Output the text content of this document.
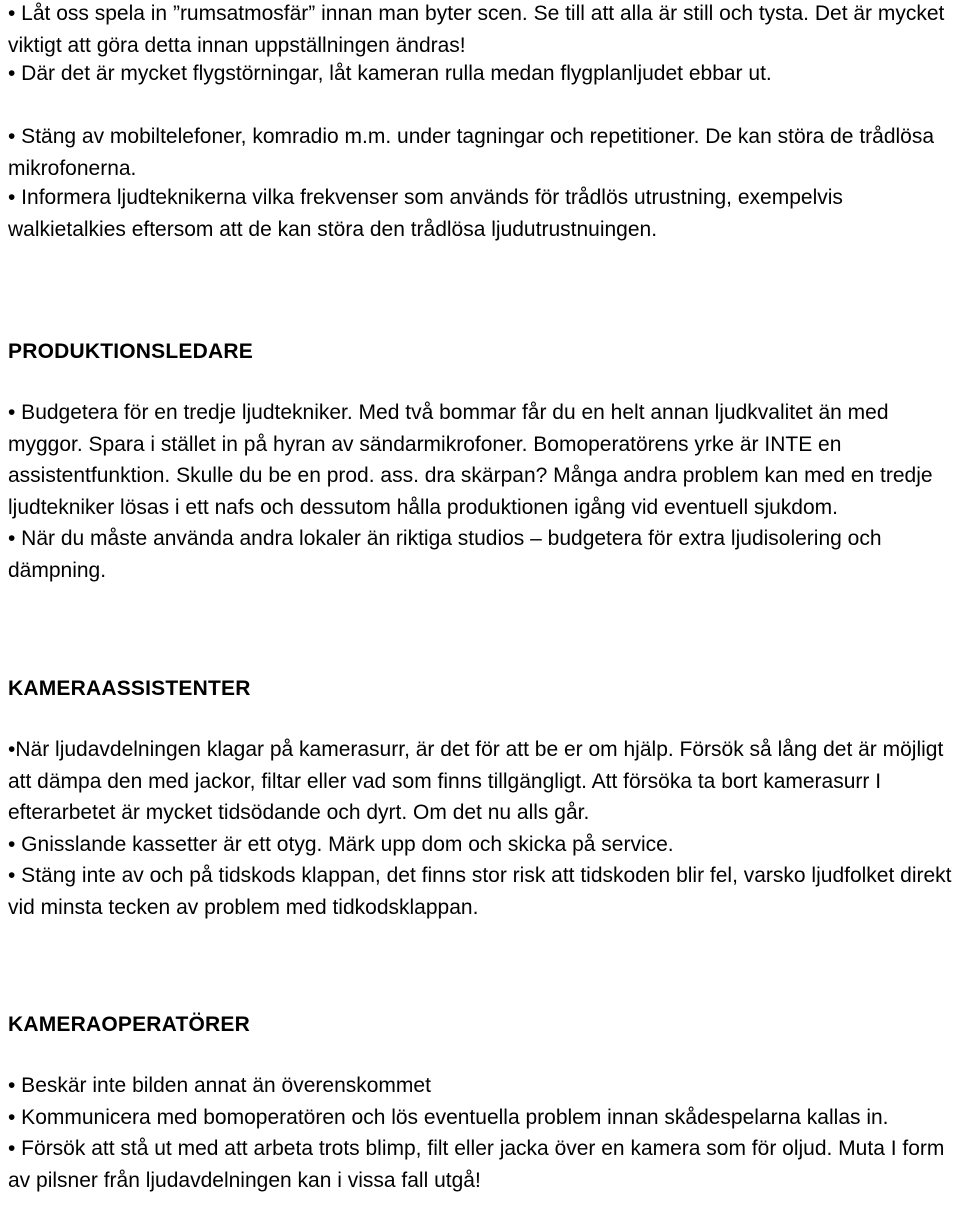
• Låt oss spela in ”rumsatmosfär” innan man byter scen. Se till att alla är still och tysta. Det är mycket viktigt att göra detta innan uppställningen ändras!

• Där det är mycket flygstörningar, låt kameran rulla medan flygplanljudet ebbar ut.

• Stäng av mobiltelefoner, komradio m.m. under tagningar och repetitioner. De kan störa de trådlösa mikrofonerna.

• Informera ljudteknikerna vilka frekvenser som används för trådlös utrustning, exempelvis walkietalkies eftersom att de kan störa den trådlösa ljudutrustnuingen.

PRODUKTIONSLEDARE

• Budgetera för en tredje ljudtekniker. Med två bommar får du en helt annan ljudkvalitet än med myggor. Spara i stället in på hyran av sändarmikrofoner. Bomoperatörens yrke är INTE en assistentfunktion. Skulle du be en prod. ass. dra skärpan? Många andra problem kan med en tredje ljudtekniker lösas i ett nafs och dessutom hålla produktionen igång vid eventuell sjukdom.

• När du måste använda andra lokaler än riktiga studios – budgetera för extra ljudisolering och dämpning.

KAMERAASSISTENTER

•När ljudavdelningen klagar på kamerasurr, är det för att be er om hjälp. Försök så lång det är möjligt att dämpa den med jackor, filtar eller vad som finns tillgängligt. Att försöka ta bort kamerasurr I efterarbetet är mycket tidsödande och dyrt. Om det nu alls går.

• Gnisslande kassetter är ett otyg. Märk upp dom och skicka på service.

• Stäng inte av och på tidskods klappan, det finns stor risk att tidskoden blir fel, varsko ljudfolket direkt vid minsta tecken av problem med tidkodsklappan.

KAMERAOPERATÖRER

• Beskär inte bilden annat än överenskommet

• Kommunicera med bomoperatören och lös eventuella problem innan skådespelarna kallas in.

• Försök att stå ut med att arbeta trots blimp, filt eller jacka över en kamera som för oljud. Muta I form av pilsner från ljudavdelningen kan i vissa fall utgå!
